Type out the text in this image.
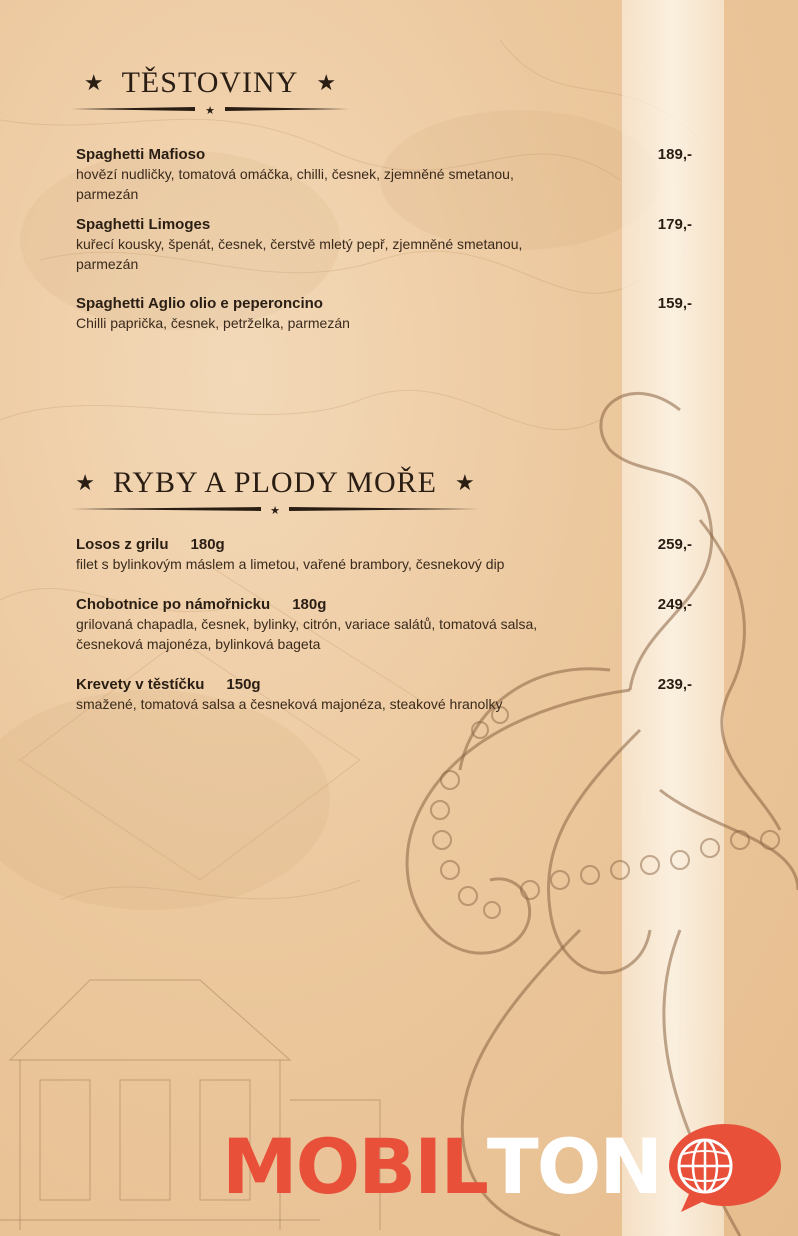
★ TĚSTOVINY ★
★
Spaghetti Mafioso
hovězí nudličky, tomatová omáčka, chilli, česnek, zjemněné smetanou, parmezán
189,-
Spaghetti Limoges
kuřecí kousky, špenát, česnek, čerstvě mletý pepř, zjemněné smetanou, parmezán
179,-
Spaghetti Aglio olio e peperoncino
Chilli paprička, česnek, petrželka, parmezán
159,-
★ RYBY A PLODY MOŘE ★
★
Losos z grilu 180g
filet s bylinkovým máslem a limetou, vařené brambory, česnekový dip
259,-
Chobotnice po námořnicku 180g
grilovaná chapadla, česnek, bylinky, citrón, variace salátů, tomatová salsa, česneková majonéza, bylinková bageta
249,-
Krevety v těstíčku 150g
smažené, tomatová salsa a česneková majonéza, steakové hranolky
239,-
MOBIL TON
